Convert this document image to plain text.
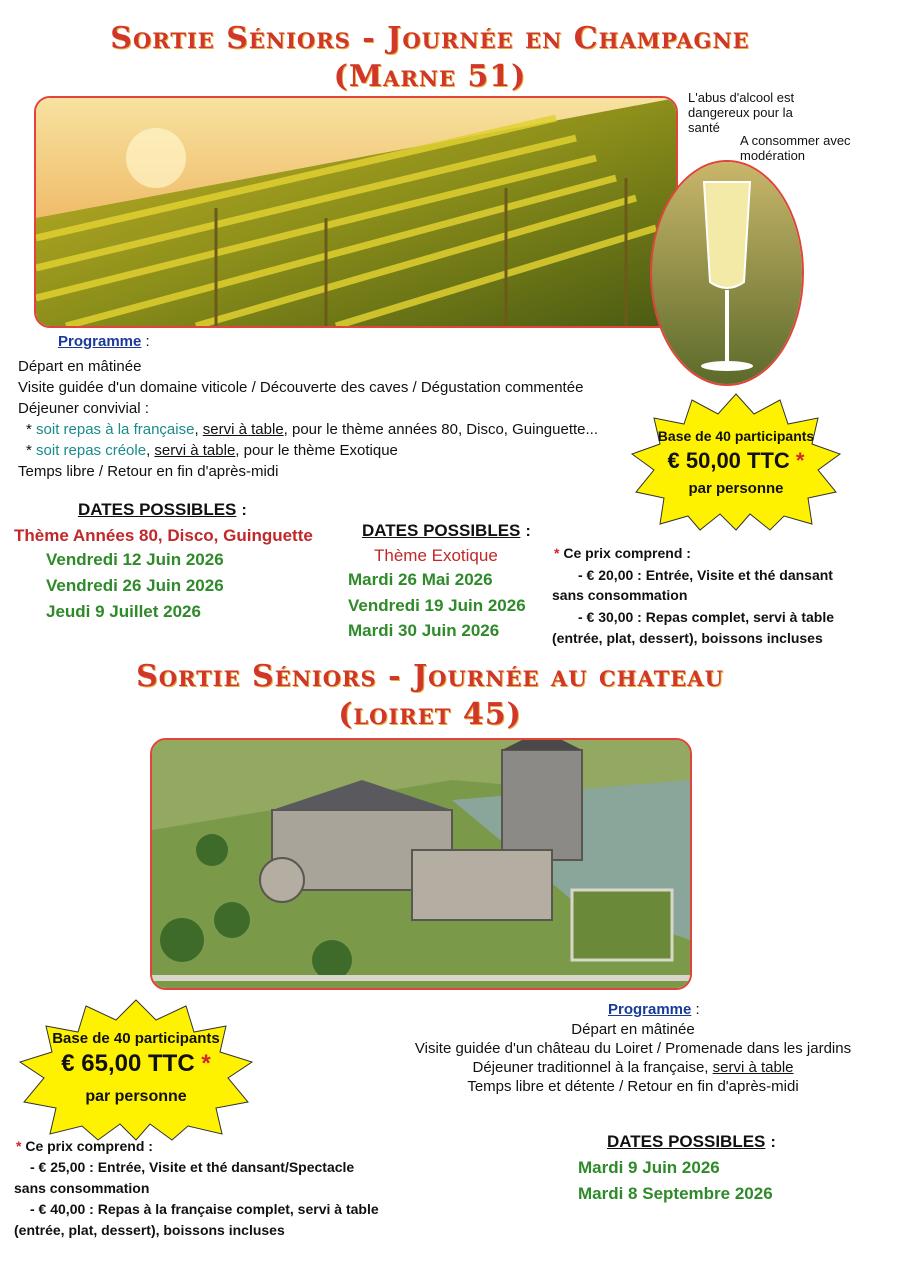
Sortie Séniors - Journée en Champagne
(Marne 51)
L'abus d'alcool est dangereux pour la santé
A consommer avec modération
Programme :
Départ en mâtinée
Visite guidée d'un domaine viticole / Découverte des caves / Dégustation commentée
Déjeuner convivial :
* soit repas à la française, servi à table, pour le thème années 80, Disco, Guinguette...
* soit repas créole, servi à table, pour le thème Exotique
Temps libre / Retour en fin d'après-midi
Base de 40 participants
€ 50,00 TTC *
par personne
DATES POSSIBLES :
Thème Années 80, Disco, Guinguette
Vendredi 12 Juin 2026
Vendredi 26 Juin 2026
Jeudi 9 Juillet 2026
DATES POSSIBLES :
Thème Exotique
Mardi 26 Mai 2026
Vendredi 19 Juin 2026
Mardi 30 Juin 2026
* Ce prix comprend :
- € 20,00 : Entrée, Visite et thé dansant
sans consommation
- € 30,00 : Repas complet, servi à table
(entrée, plat, dessert), boissons incluses
Sortie Séniors - Journée au chateau
(loiret 45)
Base de 40 participants
€ 65,00 TTC *
par personne
Programme :
Départ en mâtinée
Visite guidée d'un château du Loiret / Promenade dans les jardins
Déjeuner traditionnel à la française, servi à table
Temps libre et détente / Retour en fin d'après-midi
* Ce prix comprend :
- € 25,00 : Entrée, Visite et thé dansant/Spectacle
sans consommation
- € 40,00 : Repas à la française complet, servi à table
(entrée, plat, dessert), boissons incluses
DATES POSSIBLES :
Mardi 9 Juin 2026
Mardi 8 Septembre 2026
